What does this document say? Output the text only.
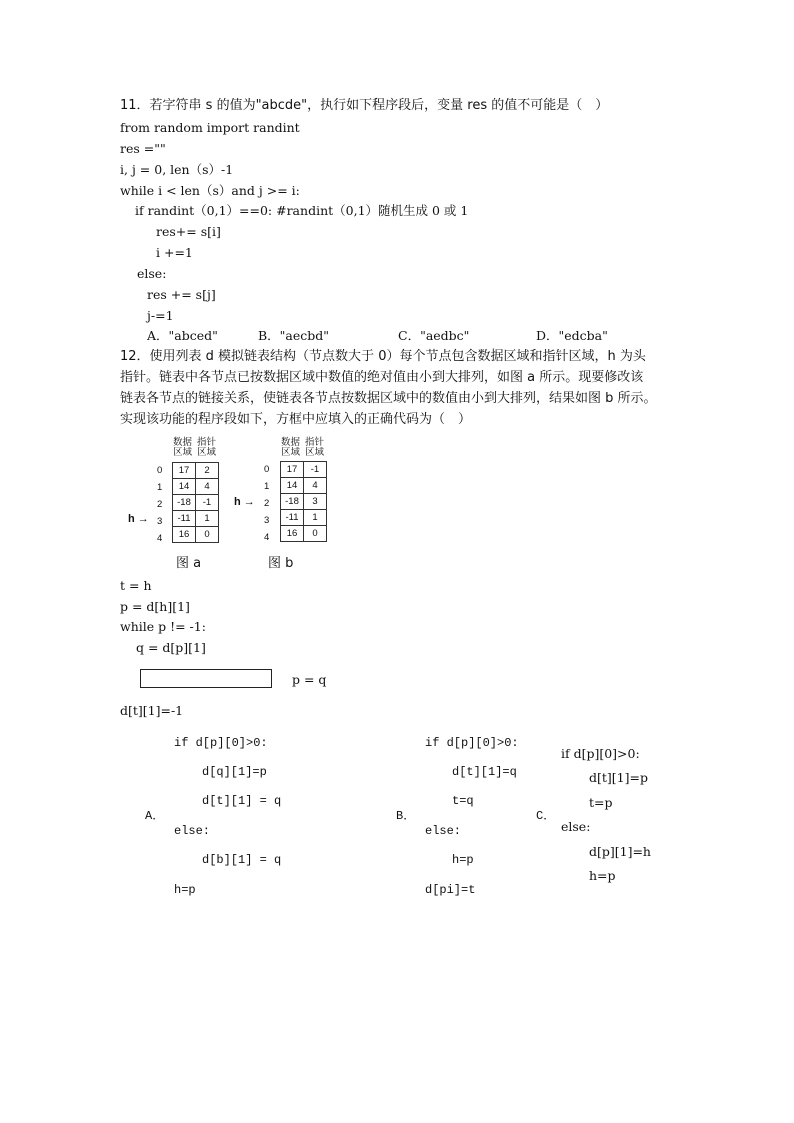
11．若字符串 s 的值为"abcde"，执行如下程序段后，变量 res 的值不可能是（　）
from random import randint
res =""
i, j = 0, len（s）-1
while i < len（s）and j >= i:
if randint（0,1）==0: #randint（0,1）随机生成 0 或 1
res+= s[i]
i +=1
else:
res += s[j]
j-=1
A．"abced"	B．"aecbd"	C．"aedbc"	D．"edcba"
12．使用列表 d 模拟链表结构（节点数大于 0）每个节点包含数据区域和指针区域，h 为头
指针。链表中各节点已按数据区域中数值的绝对值由小到大排列，如图 a 所示。现要修改该
链表各节点的链接关系，使链表各节点按数据区域中的数值由小到大排列，结果如图 b 所示。
实现该功能的程序段如下，方框中应填入的正确代码为（　）
数据
区域
指针
区域
0
1
2
3
4
h →
17	2
14	4
-18	-1
-11	1
16	0
图 a
数据
区域
指针
区域
0
1
2
3
4
h →
17	-1
14	4
-18	3
-11	1
16	0
图 b
t = h
p = d[h][1]
while p != -1:
q = d[p][1]
p = q
d[t][1]=-1
if d[p][0]>0:
d[q][1]=p
d[t][1] = q
A．
else:
d[b][1] = q
h=p
if d[p][0]>0:
d[t][1]=q
t=q
B．
else:
h=p
d[pi]=t
if d[p][0]>0:
d[t][1]=p
t=p
C．
else:
d[p][1]=h
h=p
